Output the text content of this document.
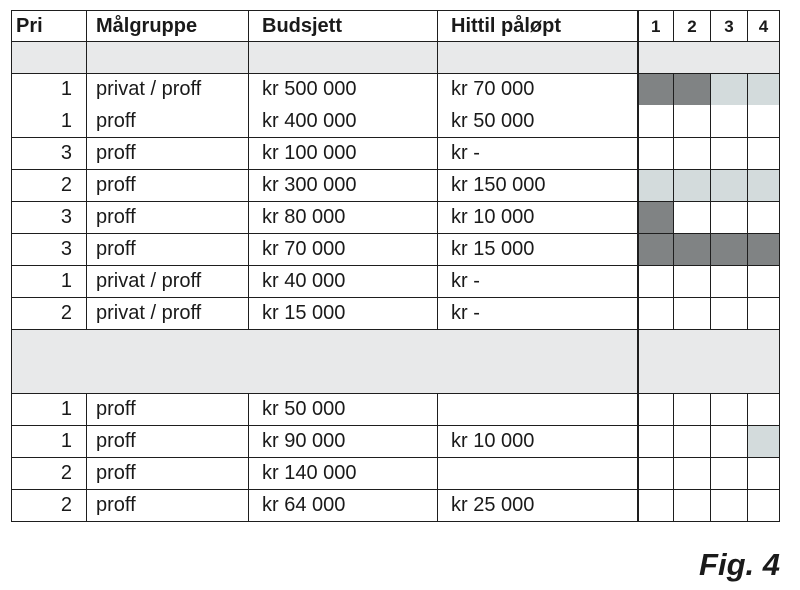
Pri	Målgruppe	Budsjett	Hittil påløpt	1	2	3	4

1	privat / proff	kr 500 000	kr 70 000				
1	proff	kr 400 000	kr 50 000				
3	proff	kr 100 000	kr -				
2	proff	kr 300 000	kr 150 000				
3	proff	kr 80 000	kr 10 000				
3	proff	kr 70 000	kr 15 000				
1	privat / proff	kr 40 000	kr -				
2	privat / proff	kr 15 000	kr -				

1	proff	kr 50 000					
1	proff	kr 90 000	kr 10 000				
2	proff	kr 140 000					
2	proff	kr 64 000	kr 25 000				
Fig. 4
